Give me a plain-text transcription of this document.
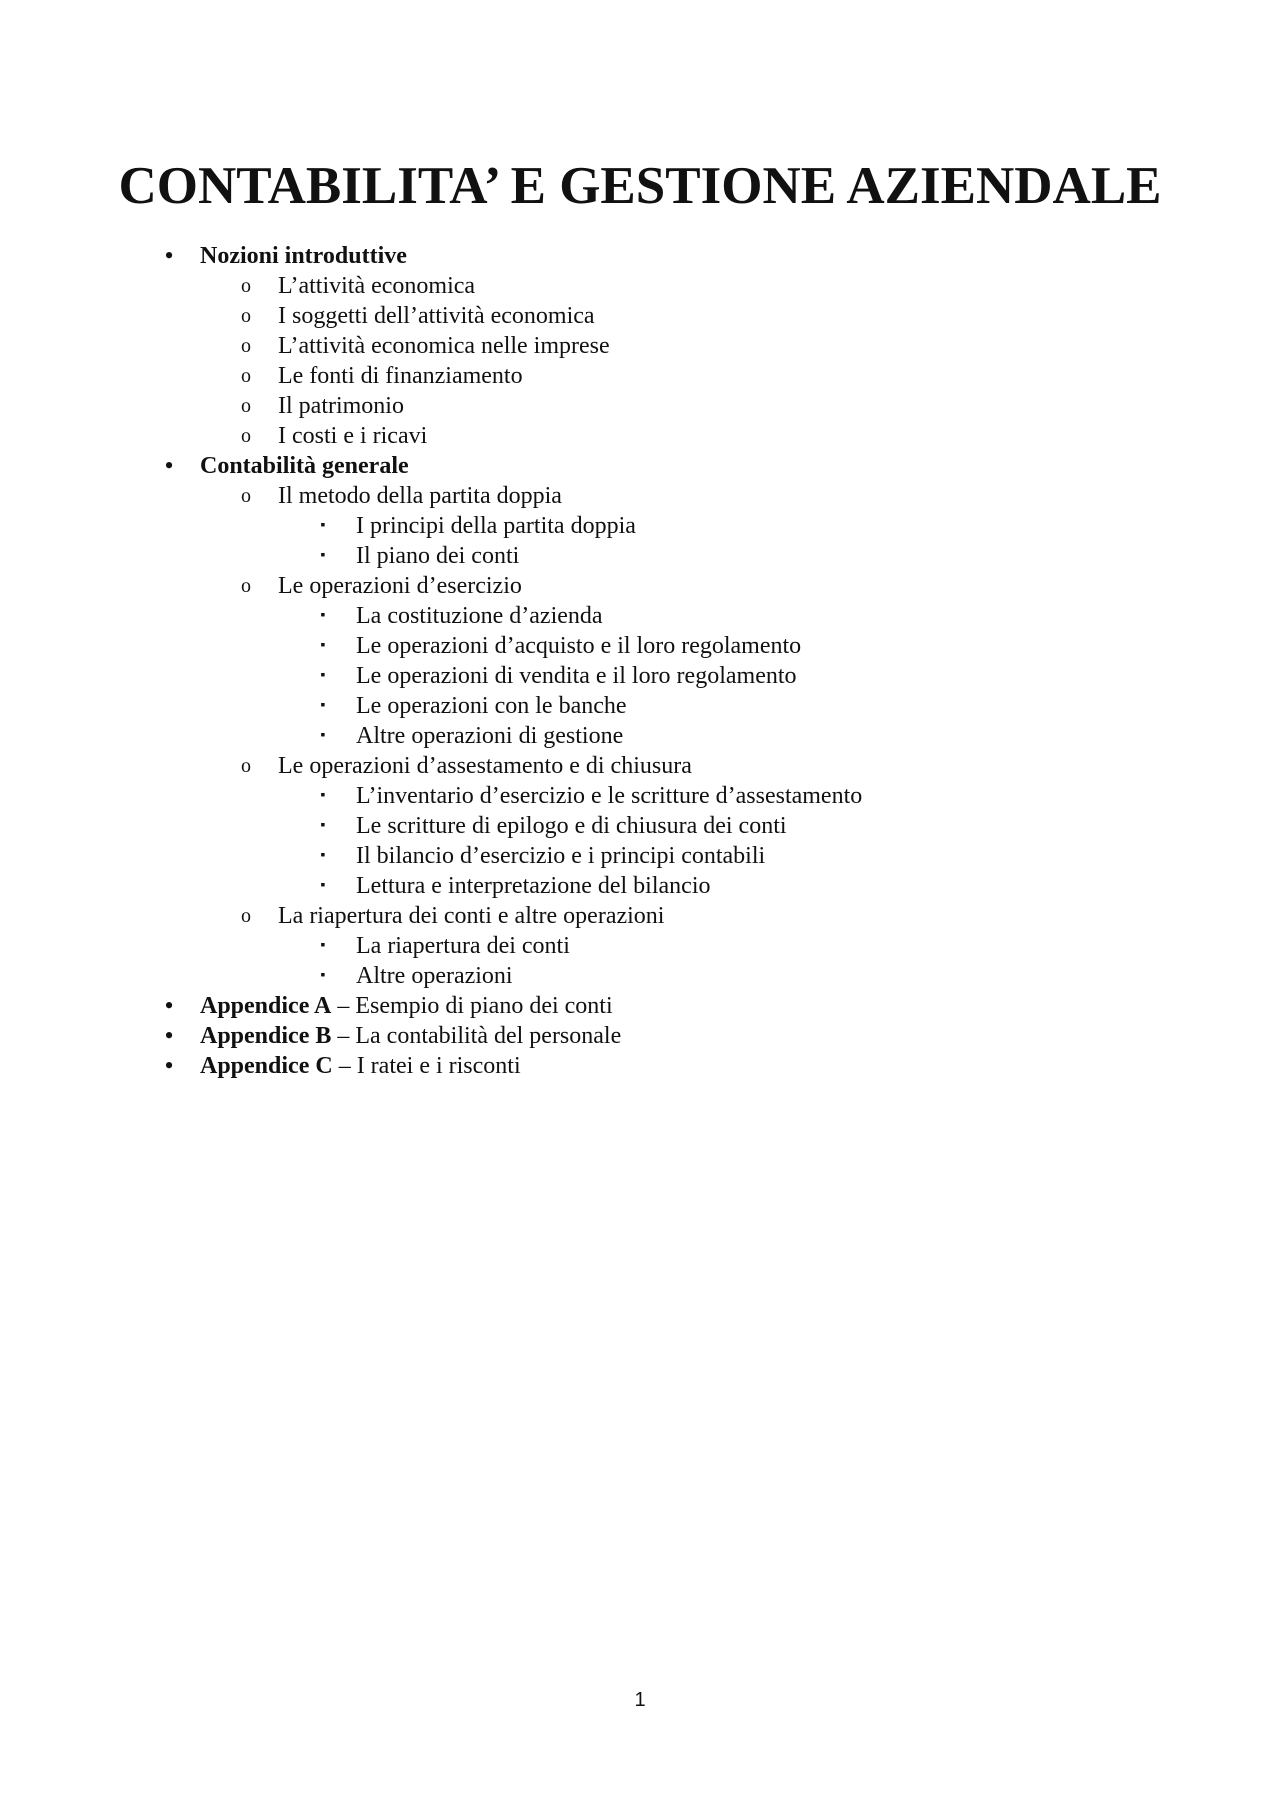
CONTABILITA’ E GESTIONE AZIENDALE
• Nozioni introduttive
o L’attività economica
o I soggetti dell’attività economica
o L’attività economica nelle imprese
o Le fonti di finanziamento
o Il patrimonio
o I costi e i ricavi
• Contabilità generale
o Il metodo della partita doppia
▪	I principi della partita doppia
▪	Il piano dei conti
o Le operazioni d’esercizio
▪	La costituzione d’azienda
▪	Le operazioni d’acquisto e il loro regolamento
▪	Le operazioni di vendita e il loro regolamento
▪	Le operazioni con le banche
▪	Altre operazioni di gestione
o Le operazioni d’assestamento e di chiusura
▪	L’inventario d’esercizio e le scritture d’assestamento
▪	Le scritture di epilogo e di chiusura dei conti
▪	Il bilancio d’esercizio e i principi contabili
▪	Lettura e interpretazione del bilancio
o La riapertura dei conti e altre operazioni
▪	La riapertura dei conti
▪	Altre operazioni
• Appendice A – Esempio di piano dei conti
• Appendice B – La contabilità del personale
• Appendice C – I ratei e i risconti
1
